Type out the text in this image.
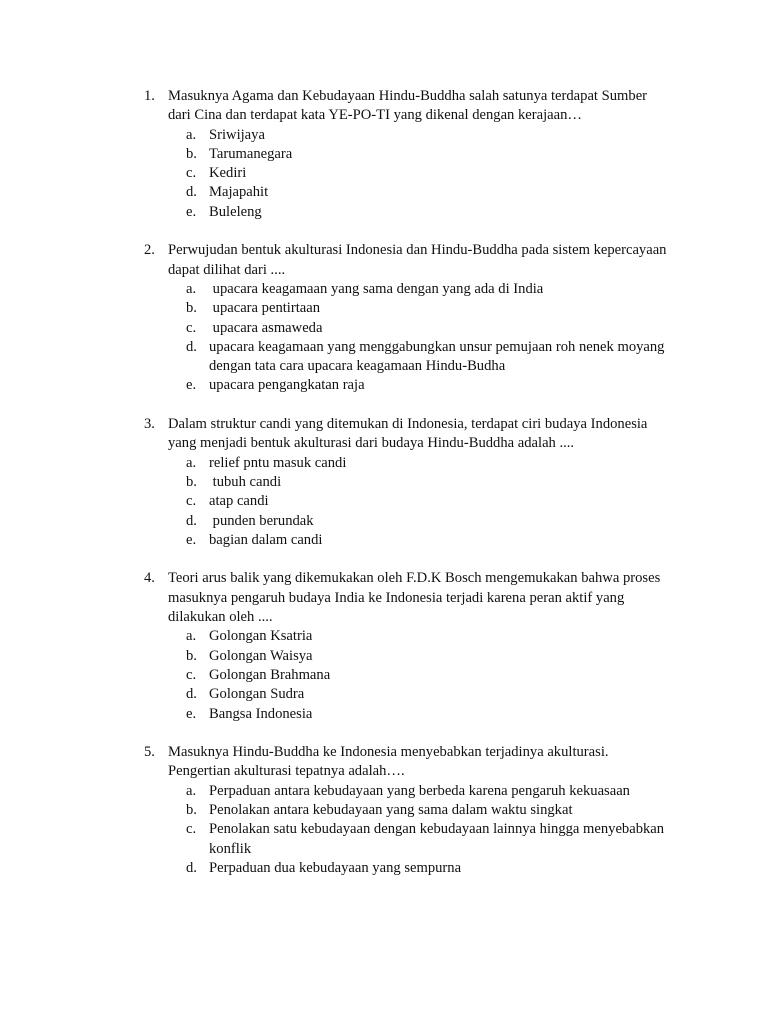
1. Masuknya Agama dan Kebudayaan Hindu-Buddha salah satunya terdapat Sumber dari Cina dan terdapat kata YE-PO-TI yang dikenal dengan kerajaan…
a. Sriwijaya
b. Tarumanegara
c. Kediri
d. Majapahit
e. Buleleng
2. Perwujudan bentuk akulturasi Indonesia dan Hindu-Buddha pada sistem kepercayaan dapat dilihat dari ....
a. upacara keagamaan yang sama dengan yang ada di India
b. upacara pentirtaan
c. upacara asmaweda
d. upacara keagamaan yang menggabungkan unsur pemujaan roh nenek moyang dengan tata cara upacara keagamaan Hindu-Budha
e. upacara pengangkatan raja
3. Dalam struktur candi yang ditemukan di Indonesia, terdapat ciri budaya Indonesia yang menjadi bentuk akulturasi dari budaya Hindu-Buddha adalah ....
a. relief pntu masuk candi
b. tubuh candi
c. atap candi
d. punden berundak
e. bagian dalam candi
4. Teori arus balik yang dikemukakan oleh F.D.K Bosch mengemukakan bahwa proses masuknya pengaruh budaya India ke Indonesia terjadi karena peran aktif yang dilakukan oleh ....
a. Golongan Ksatria
b. Golongan Waisya
c. Golongan Brahmana
d. Golongan Sudra
e. Bangsa Indonesia
5. Masuknya Hindu-Buddha ke Indonesia menyebabkan terjadinya akulturasi. Pengertian akulturasi tepatnya adalah….
a. Perpaduan antara kebudayaan yang berbeda karena pengaruh kekuasaan
b. Penolakan antara kebudayaan yang sama dalam waktu singkat
c. Penolakan satu kebudayaan dengan kebudayaan lainnya hingga menyebabkan konflik
d. Perpaduan dua kebudayaan yang sempurna
